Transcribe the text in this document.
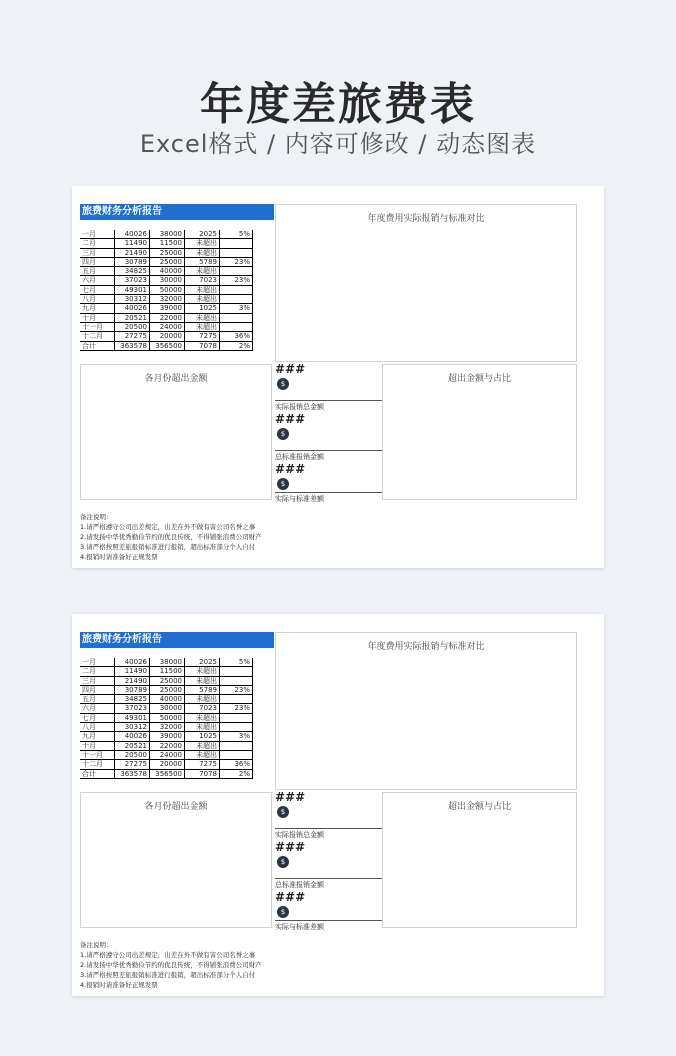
年度差旅费表
Excel格式 / 内容可修改 / 动态图表
旅费财务分析报告
一月	40026	38000	2025	5%
二月	11490	11500	未超出	
三月	21490	25000	未超出	
四月	30789	25000	5789	23%
五月	34825	40000	未超出	
六月	37023	30000	7023	23%
七月	49301	50000	未超出	
八月	30312	32000	未超出	
九月	40026	39000	1025	3%
十月	20521	22000	未超出	
十一月	20500	24000	未超出	
十二月	27275	20000	7275	36%
合计	363578	356500	7078	2%
年度费用实际报销与标准对比
各月份超出金额
###
$
实际报销总金额
###
$
总标准报销金额
###
$
实际与标准差额
超出金额与占比
备注说明：
1.请严格遵守公司出差规定，出差在外不做有害公司名誉之事
2.请发扬中华优秀勤俭节约的优良传统，不得铺张浪费公司财产
3.请严格按照差旅报销标准进行报销，超出标准部分个人自付
4.报销时请准备好正规发票
旅费财务分析报告
一月	40026	38000	2025	5%
二月	11490	11500	未超出	
三月	21490	25000	未超出	
四月	30789	25000	5789	23%
五月	34825	40000	未超出	
六月	37023	30000	7023	23%
七月	49301	50000	未超出	
八月	30312	32000	未超出	
九月	40026	39000	1025	3%
十月	20521	22000	未超出	
十一月	20500	24000	未超出	
十二月	27275	20000	7275	36%
合计	363578	356500	7078	2%
年度费用实际报销与标准对比
各月份超出金额
###
$
实际报销总金额
###
$
总标准报销金额
###
$
实际与标准差额
超出金额与占比
备注说明：
1.请严格遵守公司出差规定，出差在外不做有害公司名誉之事
2.请发扬中华优秀勤俭节约的优良传统，不得铺张浪费公司财产
3.请严格按照差旅报销标准进行报销，超出标准部分个人自付
4.报销时请准备好正规发票
